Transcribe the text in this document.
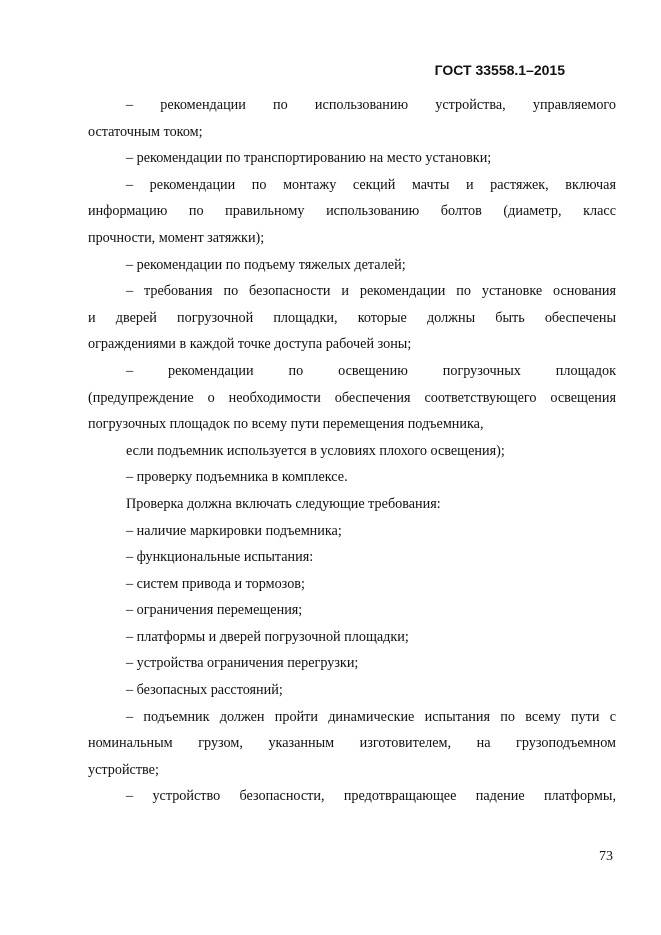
ГОСТ 33558.1–2015
– рекомендации по использованию устройства, управляемого
остаточным током;
– рекомендации по транспортированию на место установки;
– рекомендации по монтажу секций мачты и растяжек, включая
информацию по правильному использованию болтов (диаметр, класс
прочности, момент затяжки);
– рекомендации по подъему тяжелых деталей;
– требования по безопасности и рекомендации по установке основания
и дверей погрузочной площадки, которые должны быть обеспечены
ограждениями в каждой точке доступа рабочей зоны;
– рекомендации по освещению погрузочных площадок
(предупреждение о необходимости обеспечения соответствующего освещения
погрузочных площадок по всему пути перемещения подъемника,
если подъемник используется в условиях плохого освещения);
– проверку подъемника в комплексе.
Проверка должна включать следующие требования:
– наличие маркировки подъемника;
– функциональные испытания:
– систем привода и тормозов;
– ограничения перемещения;
– платформы и дверей погрузочной площадки;
– устройства ограничения перегрузки;
– безопасных расстояний;
– подъемник должен пройти динамические испытания по всему пути с
номинальным грузом, указанным изготовителем, на грузоподъемном
устройстве;
– устройство безопасности, предотвращающее падение платформы,
73
